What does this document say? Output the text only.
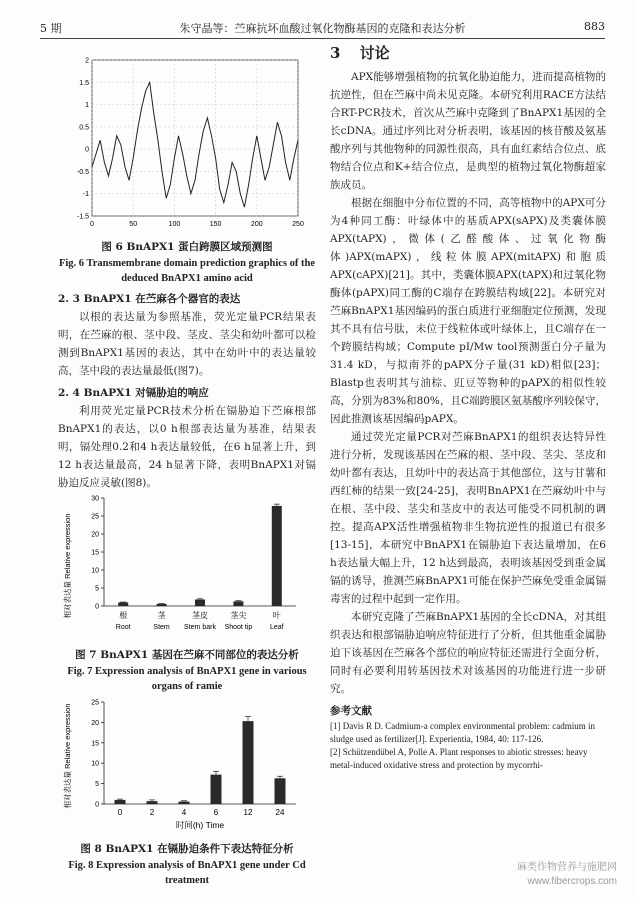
5 期	朱守晶等：苎麻抗坏血酸过氧化物酶基因的克隆和表达分析	883
-1.5
-1
-0.5
0
0.5
1
1.5
2
0	50	100	150	200	250
图 6 BnAPX1 蛋白跨膜区域预测图
Fig. 6 Transmembrane domain prediction graphics of the deduced BnAPX1 amino acid
2. 3 BnAPX1 在苎麻各个器官的表达

以根的表达量为参照基准，荧光定量PCR结果表明，在苎麻的根、茎中段、茎皮、茎尖和幼叶都可以检测到BnAPX1基因的表达，其中在幼叶中的表达量较高，茎中段的表达量最低(图7)。

2. 4 BnAPX1 对镉胁迫的响应

利用荧光定量PCR技术分析在镉胁迫下苎麻根部BnAPX1的表达，以0 h根部表达量为基准，结果表明，镉处理0.2和4 h表达量较低，在6 h显著上升，到12 h表达量最高，24 h显著下降，表明BnAPX1对镉胁迫反应灵敏(图8)。

相对表达量 Relative expression	0
5
10
15
20
25
30
根
Root
茎
Stem
茎皮
Stem bark
茎尖
Shoot tip
叶
Leaf
图 7 BnAPX1 基因在苎麻不同部位的表达分析
Fig. 7 Expression analysis of BnAPX1 gene in various organs of ramie
相对表达量 Relative expression	0
5
10
15
20
25
0	2	4	6	12	24
时间(h) Time
图 8 BnAPX1 在镉胁迫条件下表达特征分析
Fig. 8 Expression analysis of BnAPX1 gene under Cd treatment
3 讨论

APX能够增强植物的抗氧化胁迫能力，进而提高植物的抗逆性，但在苎麻中尚未见克隆。本研究利用RACE方法结合RT-PCR技术，首次从苎麻中克隆到了BnAPX1基因的全长cDNA。通过序列比对分析表明，该基因的核苷酸及氨基酸序列与其他物种的同源性很高，具有血红素结合位点、底物结合位点和K+结合位点，是典型的植物过氧化物酶超家族成员。

根据在细胞中分布位置的不同，高等植物中的APX可分为4种同工酶：叶绿体中的基质APX(sAPX)及类囊体膜APX(tAPX)，微体(乙醛酸体、过氧化物酶体)APX(mAPX)，线粒体膜APX(mitAPX)和胞质APX(cAPX)[21]。其中，类囊体膜APX(tAPX)和过氧化物酶体(pAPX)同工酶的C端存在跨膜结构域[22]。本研究对苎麻BnAPX1基因编码的蛋白质进行亚细胞定位预测，发现其不具有信号肽，未位于线粒体或叶绿体上，且C端存在一个跨膜结构域；Compute pI/Mw tool预测蛋白分子量为31.4 kD，与拟南芥的pAPX分子量(31 kD)相似[23]；Blastp也表明其与油棕、豇豆等物种的pAPX的相似性较高，分别为83%和80%，且C端跨膜区氨基酸序列较保守，因此推测该基因编码pAPX。

通过荧光定量PCR对苎麻BnAPX1的组织表达特异性进行分析，发现该基因在苎麻的根、茎中段、茎尖、茎皮和幼叶都有表达，且幼叶中的表达高于其他部位，这与甘薯和西红柿的结果一致[24-25]，表明BnAPX1在苎麻幼叶中与在根、茎中段、茎尖和茎皮中的表达可能受不同机制的调控。提高APX活性增强植物非生物抗逆性的报道已有很多[13-15]，本研究中BnAPX1在镉胁迫下表达量增加，在6 h表达量大幅上升，12 h达到最高，表明该基因受到重金属镉的诱导，推测苎麻BnAPX1可能在保护苎麻免受重金属镉毒害的过程中起到一定作用。

本研究克隆了苎麻BnAPX1基因的全长cDNA，对其组织表达和根部镉胁迫响应特征进行了分析，但其他重金属胁迫下该基因在苎麻各个部位的响应特征还需进行全面分析，同时有必要利用转基因技术对该基因的功能进行进一步研究。

参考文献

[1] Davis R D. Cadmium-a complex environmental problem: cadmium in sludge used as fertilizer[J]. Experientia, 1984, 40: 117-126.

[2] Schützendübel A, Polle A. Plant responses to abiotic stresses: heavy metal-induced oxidative stress and protection by mycorrhi-

麻类作物营养与施肥网
www.fibercrops.com
